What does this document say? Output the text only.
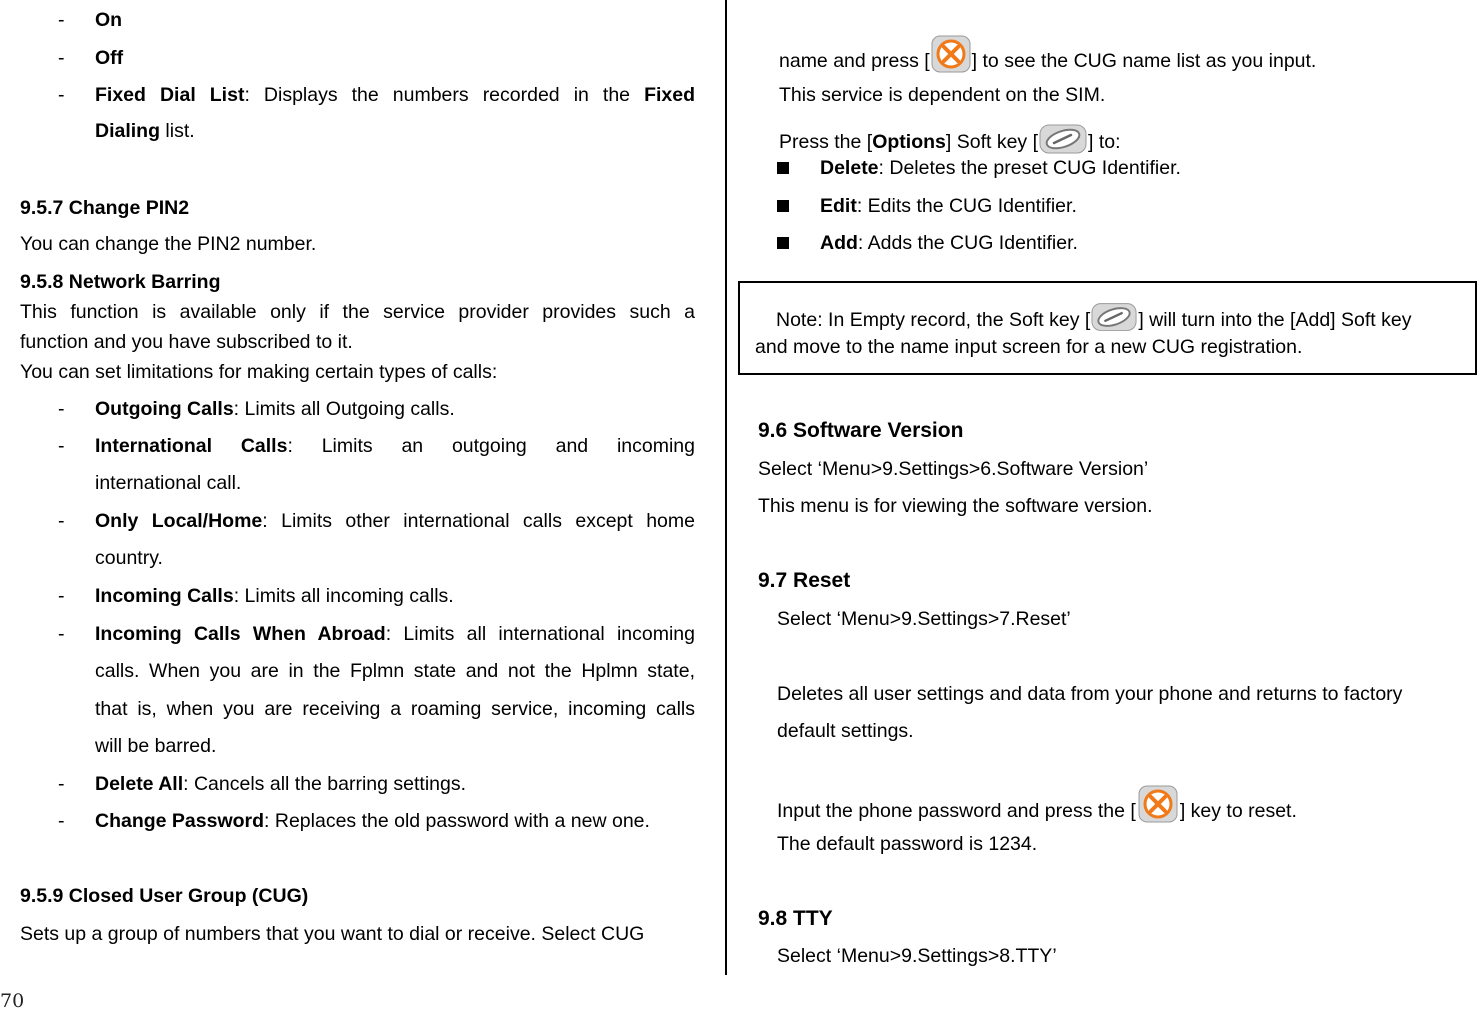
- On
- Off
- Fixed Dial List: Displays the numbers recorded in the Fixed
Dialing list.
9.5.7 Change PIN2
You can change the PIN2 number.
9.5.8 Network Barring
This function is available only if the service provider provides such a
function and you have subscribed to it.
You can set limitations for making certain types of calls:
- Outgoing Calls: Limits all Outgoing calls.
- International Calls: Limits an outgoing and incoming
international call.
- Only Local/Home: Limits other international calls except home
country.
- Incoming Calls: Limits all incoming calls.
- Incoming Calls When Abroad: Limits all international incoming
calls. When you are in the Fplmn state and not the Hplmn state,
that is, when you are receiving a roaming service, incoming calls
will be barred.
- Delete All: Cancels all the barring settings.
- Change Password: Replaces the old password with a new one.
9.5.9 Closed User Group (CUG)
Sets up a group of numbers that you want to dial or receive. Select CUG
name and press [ ] to see the CUG name list as you input.
This service is dependent on the SIM.
Press the [Options] Soft key [	] to:
Delete: Deletes the preset CUG Identifier.
Edit: Edits the CUG Identifier.
Add: Adds the CUG Identifier.
Note: In Empty record, the Soft key [ ] will turn into the [Add] Soft key
and move to the name input screen for a new CUG registration.
9.6 Software Version
Select ‘Menu>9.Settings>6.Software Version’
This menu is for viewing the software version.
9.7 Reset
Select ‘Menu>9.Settings>7.Reset’
Deletes all user settings and data from your phone and returns to factory
default settings.
Input the phone password and press the [ ] key to reset.
The default password is 1234.
9.8 TTY
Select ‘Menu>9.Settings>8.TTY’
70
